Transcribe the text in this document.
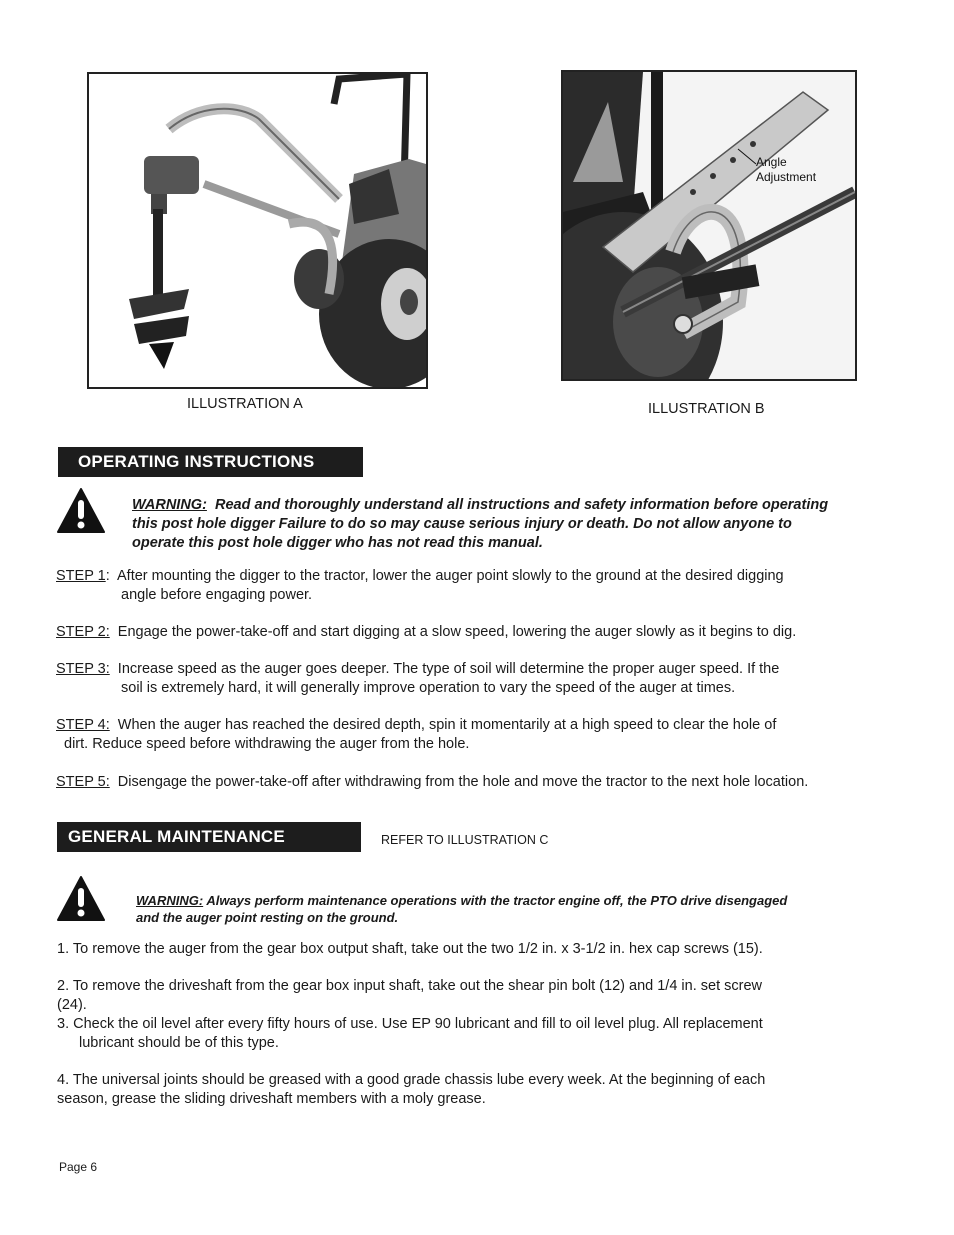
ILLUSTRATION A
Angle
Adjustment
ILLUSTRATION B
OPERATING INSTRUCTIONS
WARNING: Read and thoroughly understand all instructions and safety information before operating
this post hole digger Failure to do so may cause serious injury or death. Do not allow anyone to
operate this post hole digger who has not read this manual.
STEP 1: After mounting the digger to the tractor, lower the auger point slowly to the ground at the desired digging
angle before engaging power.
STEP 2: Engage the power-take-off and start digging at a slow speed, lowering the auger slowly as it begins to dig.
STEP 3: Increase speed as the auger goes deeper. The type of soil will determine the proper auger speed. If the
soil is extremely hard, it will generally improve operation to vary the speed of the auger at times.
STEP 4: When the auger has reached the desired depth, spin it momentarily at a high speed to clear the hole of
dirt. Reduce speed before withdrawing the auger from the hole.
STEP 5: Disengage the power-take-off after withdrawing from the hole and move the tractor to the next hole location.
GENERAL MAINTENANCE	REFER TO ILLUSTRATION C
WARNING: Always perform maintenance operations with the tractor engine off, the PTO drive disengaged
and the auger point resting on the ground.
1. To remove the auger from the gear box output shaft, take out the two 1/2 in. x 3-1/2 in. hex cap screws (15).
2. To remove the driveshaft from the gear box input shaft, take out the shear pin bolt (12) and 1/4 in. set screw
(24).
3. Check the oil level after every fifty hours of use. Use EP 90 lubricant and fill to oil level plug. All replacement
lubricant should be of this type.
4. The universal joints should be greased with a good grade chassis lube every week. At the beginning of each
season, grease the sliding driveshaft members with a moly grease.
Page 6
